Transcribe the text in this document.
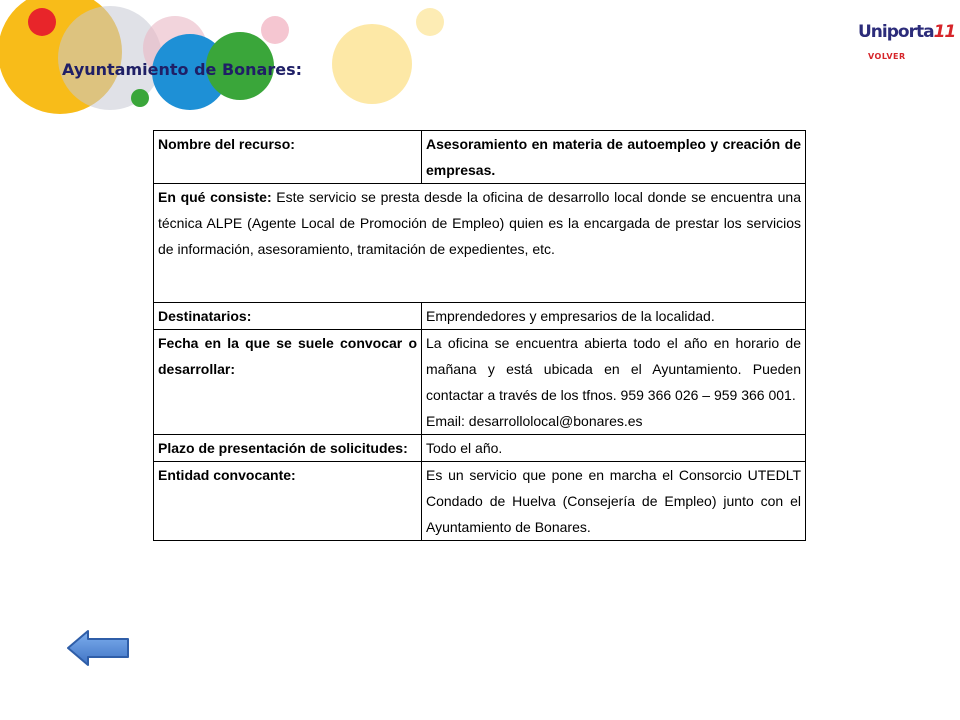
Ayuntamiento de Bonares:
Uniporta11
VOLVER
Nombre del recurso:	Asesoramiento en materia de autoempleo y creación de empresas.
En qué consiste: Este servicio se presta desde la oficina de desarrollo local donde se encuentra una técnica ALPE (Agente Local de Promoción de Empleo) quien es la encargada de prestar los servicios de información, asesoramiento, tramitación de expedientes, etc.	
Destinatarios:	Emprendedores y empresarios de la localidad.
Fecha en la que se suele convocar o desarrollar:	La oficina se encuentra abierta todo el año en horario de mañana y está ubicada en el Ayuntamiento. Pueden contactar a través de los tfnos. 959 366 026 – 959 366 001.
Email: desarrollolocal@bonares.es

Plazo de presentación de solicitudes:	Todo el año.
Entidad convocante:	Es un servicio que pone en marcha el Consorcio UTEDLT Condado de Huelva (Consejería de Empleo) junto con el Ayuntamiento de Bonares.
